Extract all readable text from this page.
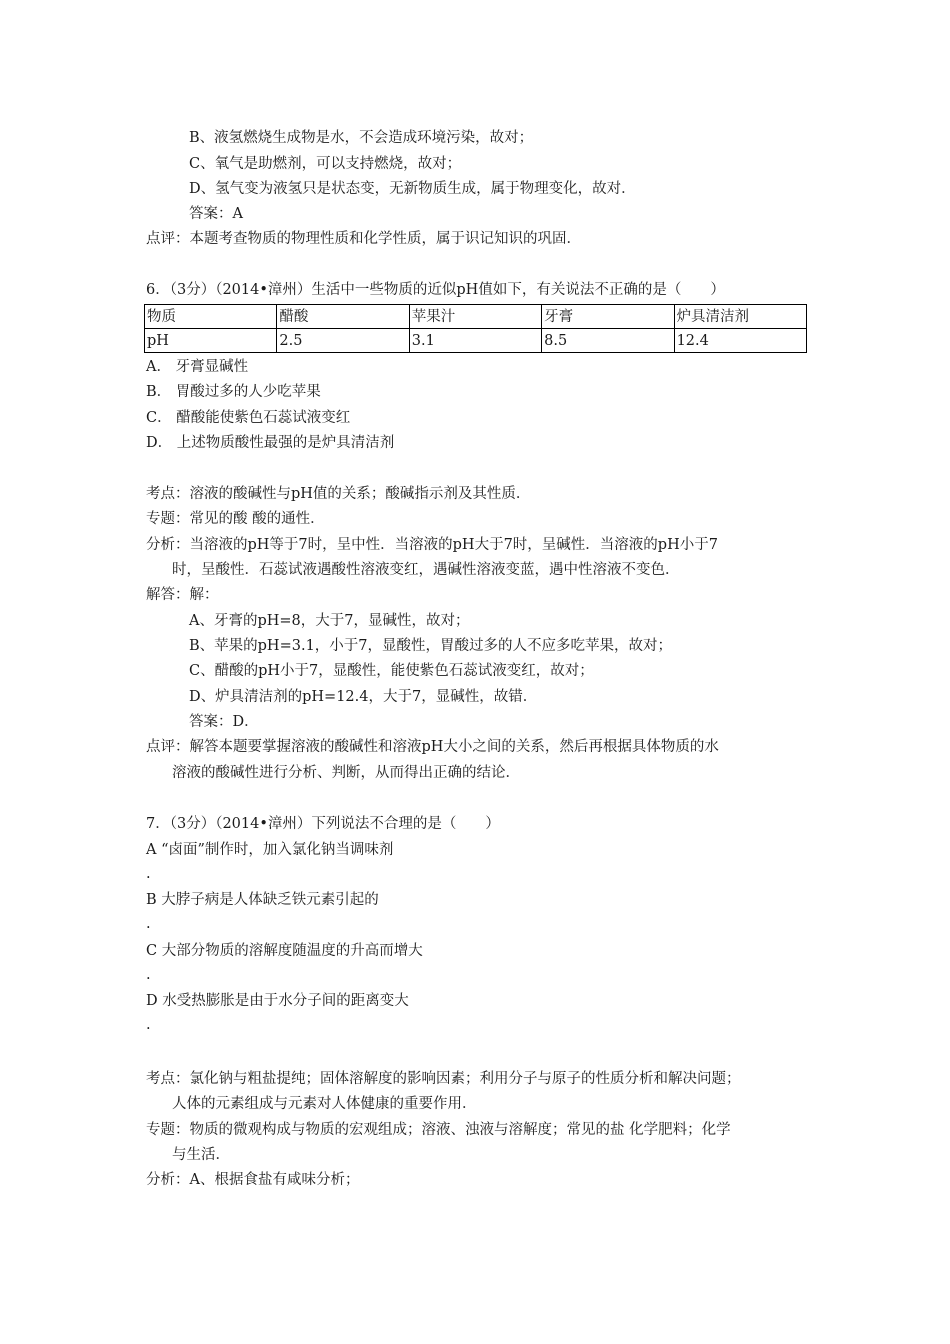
B、液氢燃烧生成物是水，不会造成环境污染，故对；
C、氧气是助燃剂，可以支持燃烧，故对；
D、氢气变为液氢只是状态变，无新物质生成，属于物理变化，故对．
答案：A
点评：本题考查物质的物理性质和化学性质，属于识记知识的巩固．
6．（3分）（2014•漳州）生活中一些物质的近似pH值如下，有关说法不正确的是（　　）
物质	醋酸	苹果汁	牙膏	炉具清洁剂
pH	2.5	3.1	8.5	12.4
A． 牙膏显碱性
B． 胃酸过多的人少吃苹果
C． 醋酸能使紫色石蕊试液变红
D． 上述物质酸性最强的是炉具清洁剂
考点：溶液的酸碱性与pH值的关系；酸碱指示剂及其性质．
专题：常见的酸 酸的通性．
分析：当溶液的pH等于7时，呈中性．当溶液的pH大于7时，呈碱性．当溶液的pH小于7
时，呈酸性．石蕊试液遇酸性溶液变红，遇碱性溶液变蓝，遇中性溶液不变色．
解答：解：
A、牙膏的pH=8，大于7，显碱性，故对；
B、苹果的pH=3.1，小于7，显酸性，胃酸过多的人不应多吃苹果，故对；
C、醋酸的pH小于7，显酸性，能使紫色石蕊试液变红，故对；
D、炉具清洁剂的pH=12.4，大于7，显碱性，故错．
答案：D．
点评：解答本题要掌握溶液的酸碱性和溶液pH大小之间的关系，然后再根据具体物质的水
溶液的酸碱性进行分析、判断，从而得出正确的结论．
7．（3分）（2014•漳州）下列说法不合理的是（　　）
A “卤面”制作时，加入氯化钠当调味剂
.
B 大脖子病是人体缺乏铁元素引起的
.
C 大部分物质的溶解度随温度的升高而增大
.
D 水受热膨胀是由于水分子间的距离变大
.
考点：氯化钠与粗盐提纯；固体溶解度的影响因素；利用分子与原子的性质分析和解决问题；
人体的元素组成与元素对人体健康的重要作用．
专题：物质的微观构成与物质的宏观组成；溶液、浊液与溶解度；常见的盐 化学肥料；化学
与生活．
分析：A、根据食盐有咸味分析；
